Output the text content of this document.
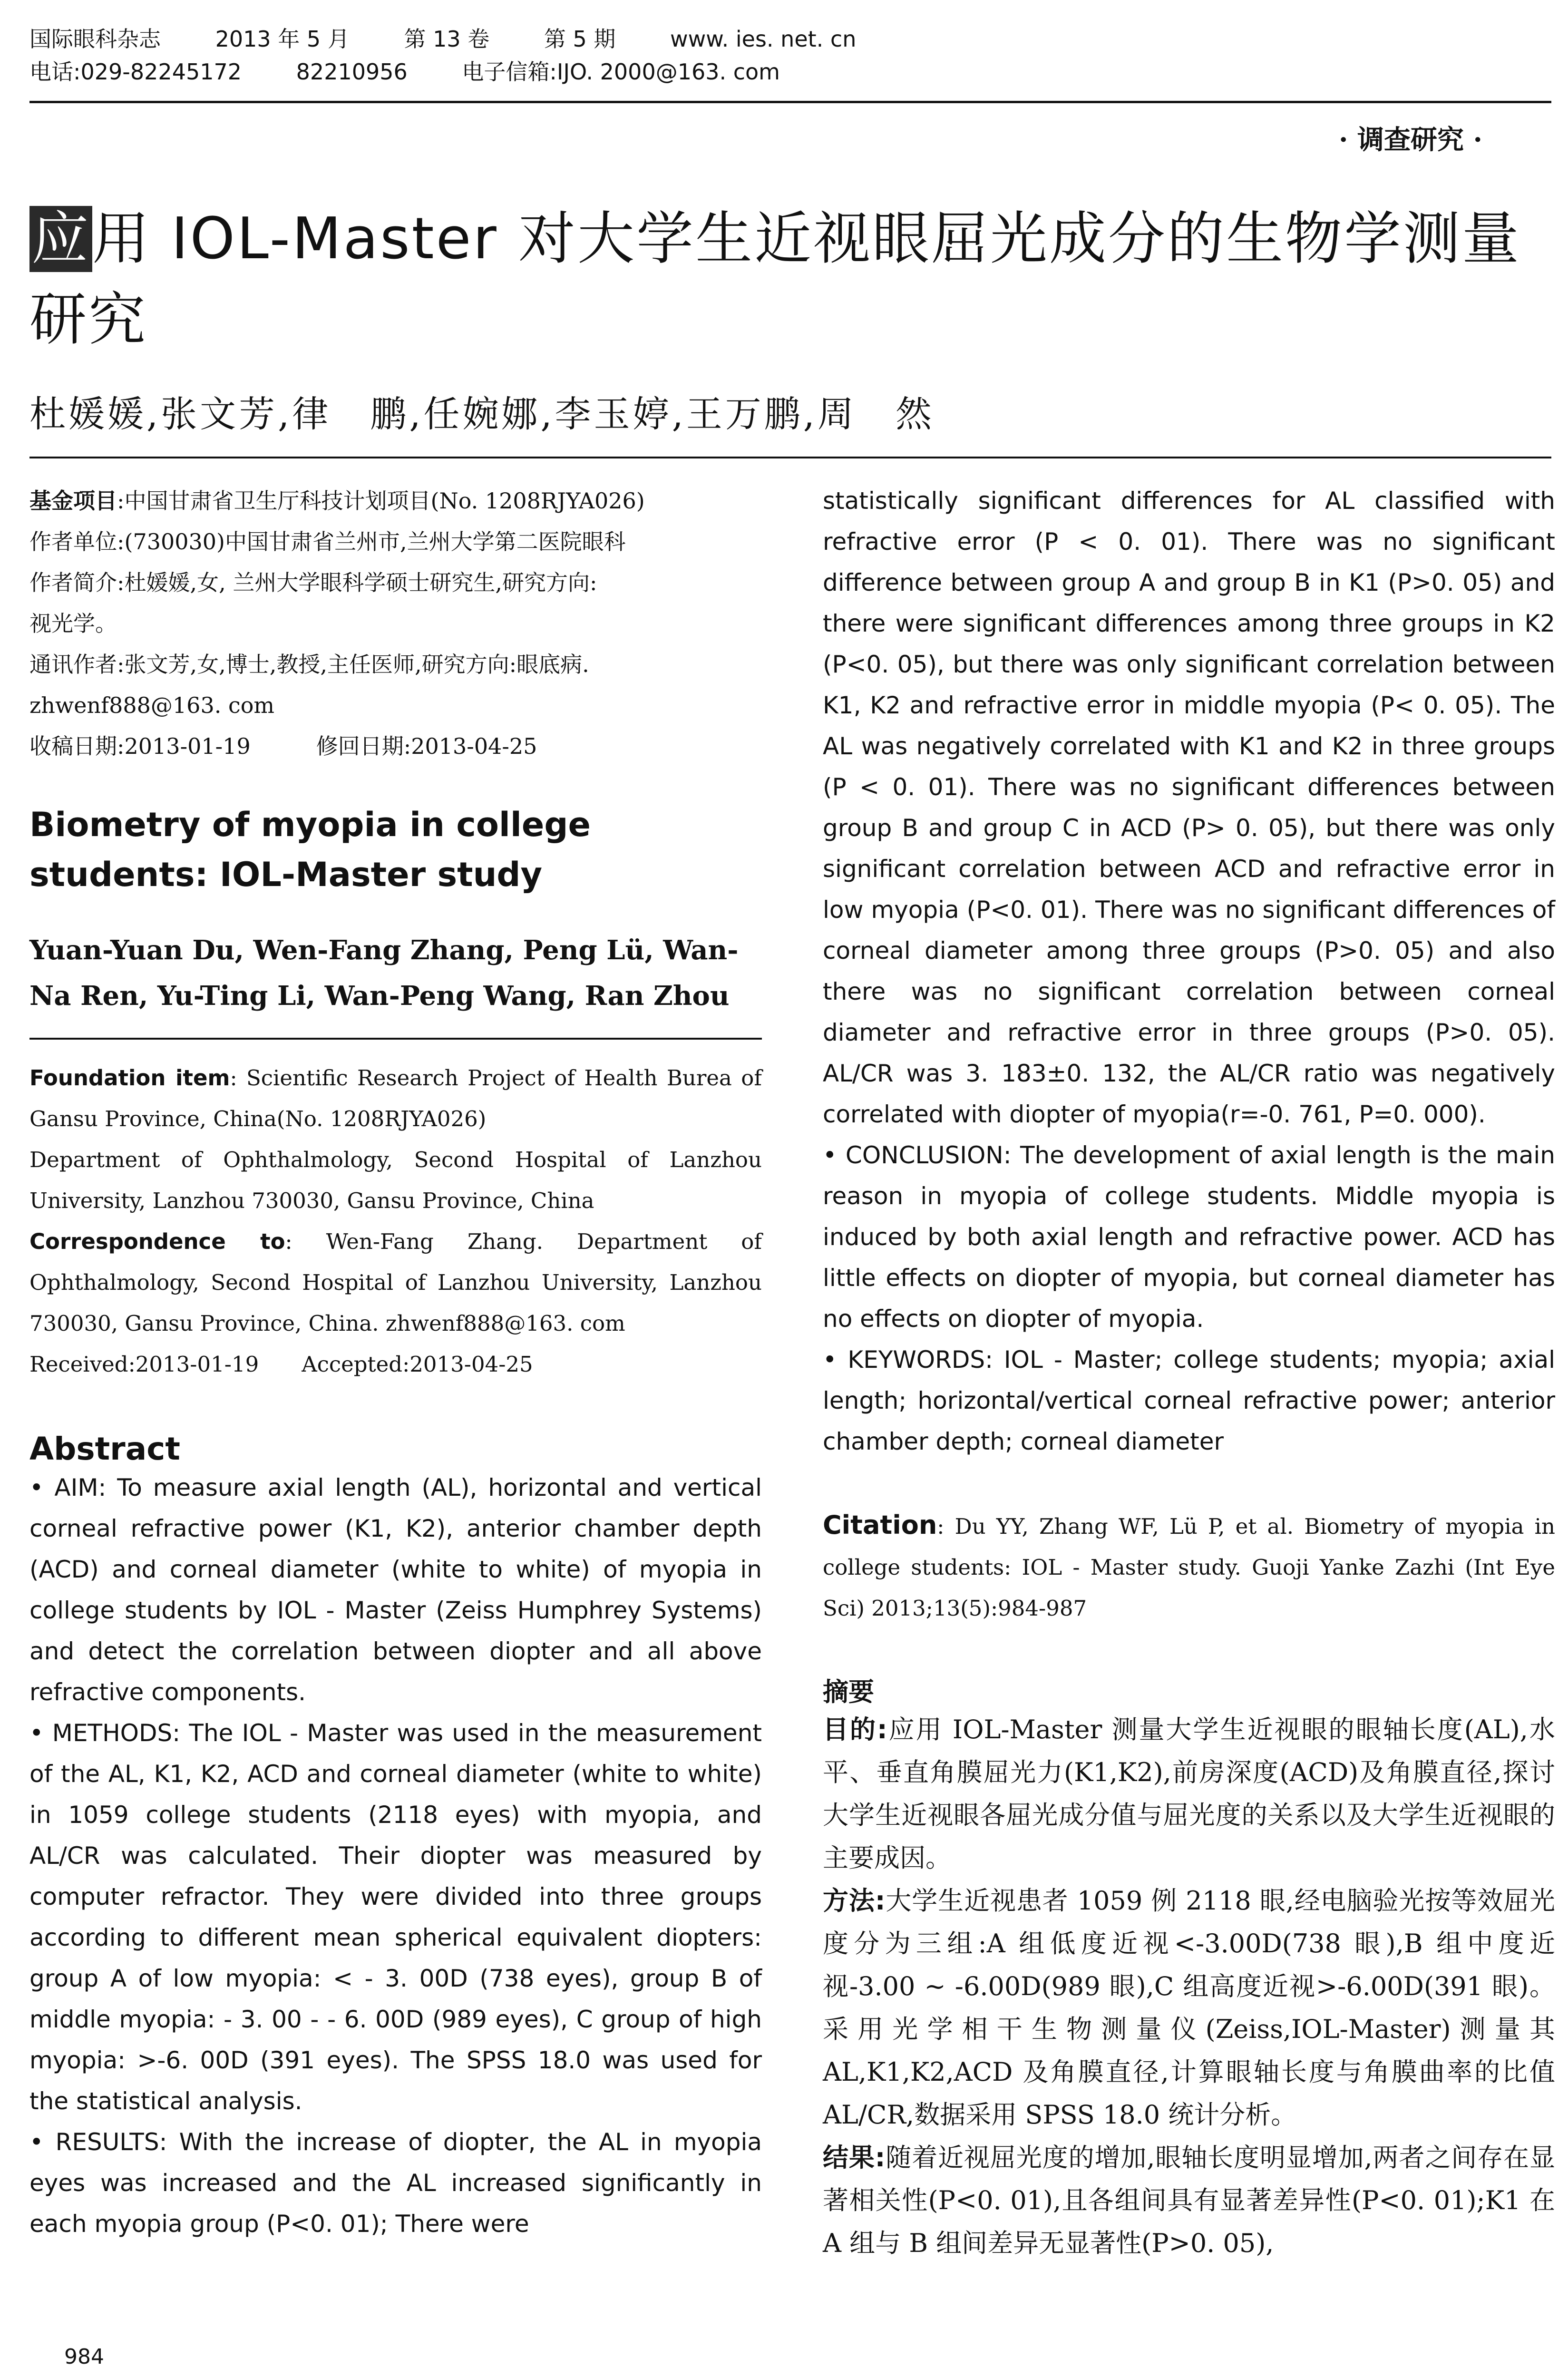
国际眼科杂志 2013 年 5 月 第 13 卷 第 5 期 www. ies. net. cn
电话:029-82245172 82210956 电子信箱:IJO. 2000@163. com
· 调查研究 ·
应用 IOL-Master 对大学生近视眼屈光成分的生物学测量研究
杜媛媛,张文芳,律　鹏,任婉娜,李玉婷,王万鹏,周　然
基金项目:中国甘肃省卫生厅科技计划项目(No. 1208RJYA026)
作者单位:(730030)中国甘肃省兰州市,兰州大学第二医院眼科
作者简介:杜媛媛,女, 兰州大学眼科学硕士研究生,研究方向:
视光学。
通讯作者:张文芳,女,博士,教授,主任医师,研究方向:眼底病.
zhwenf888@163. com
收稿日期:2013-01-19　　　修回日期:2013-04-25
Biometry of myopia in college students: IOL-Master study
Yuan-Yuan Du, Wen-Fang Zhang, Peng Lü, Wan-Na Ren, Yu-Ting Li, Wan-Peng Wang, Ran Zhou
Foundation item: Scientific Research Project of Health Burea of Gansu Province, China(No. 1208RJYA026)
Department of Ophthalmology, Second Hospital of Lanzhou University, Lanzhou 730030, Gansu Province, China
Correspondence to: Wen-Fang Zhang. Department of Ophthalmology, Second Hospital of Lanzhou University, Lanzhou 730030, Gansu Province, China. zhwenf888@163. com
Received:2013-01-19　　Accepted:2013-04-25
Abstract

• AIM: To measure axial length (AL), horizontal and vertical corneal refractive power (K1, K2), anterior chamber depth (ACD) and corneal diameter (white to white) of myopia in college students by IOL - Master (Zeiss Humphrey Systems) and detect the correlation between diopter and all above refractive components.

• METHODS: The IOL - Master was used in the measurement of the AL, K1, K2, ACD and corneal diameter (white to white) in 1059 college students (2118 eyes) with myopia, and AL/CR was calculated. Their diopter was measured by computer refractor. They were divided into three groups according to different mean spherical equivalent diopters: group A of low myopia: < - 3. 00D (738 eyes), group B of middle myopia: - 3. 00 - - 6. 00D (989 eyes), C group of high myopia: >-6. 00D (391 eyes). The SPSS 18.0 was used for the statistical analysis.

• RESULTS: With the increase of diopter, the AL in myopia eyes was increased and the AL increased significantly in each myopia group (P<0. 01); There were

statistically significant differences for AL classified with refractive error (P < 0. 01). There was no significant difference between group A and group B in K1 (P>0. 05) and there were significant differences among three groups in K2 (P<0. 05), but there was only significant correlation between K1, K2 and refractive error in middle myopia (P< 0. 05). The AL was negatively correlated with K1 and K2 in three groups (P < 0. 01). There was no significant differences between group B and group C in ACD (P> 0. 05), but there was only significant correlation between ACD and refractive error in low myopia (P<0. 01). There was no significant differences of corneal diameter among three groups (P>0. 05) and also there was no significant correlation between corneal diameter and refractive error in three groups (P>0. 05). AL/CR was 3. 183±0. 132, the AL/CR ratio was negatively correlated with diopter of myopia(r=-0. 761, P=0. 000).

• CONCLUSION: The development of axial length is the main reason in myopia of college students. Middle myopia is induced by both axial length and refractive power. ACD has little effects on diopter of myopia, but corneal diameter has no effects on diopter of myopia.

• KEYWORDS: IOL - Master; college students; myopia; axial length; horizontal/vertical corneal refractive power; anterior chamber depth; corneal diameter

Citation: Du YY, Zhang WF, Lü P, et al. Biometry of myopia in college students: IOL - Master study. Guoji Yanke Zazhi (Int Eye Sci) 2013;13(5):984-987
摘要

目的:应用 IOL-Master 测量大学生近视眼的眼轴长度(AL),水平、垂直角膜屈光力(K1,K2),前房深度(ACD)及角膜直径,探讨大学生近视眼各屈光成分值与屈光度的关系以及大学生近视眼的主要成因。

方法:大学生近视患者 1059 例 2118 眼,经电脑验光按等效屈光度分为三组:A 组低度近视<-3.00D(738 眼),B 组中度近视-3.00 ~ -6.00D(989 眼),C 组高度近视>-6.00D(391 眼)。采用光学相干生物测量仪(Zeiss,IOL-Master)测量其 AL,K1,K2,ACD 及角膜直径,计算眼轴长度与角膜曲率的比值 AL/CR,数据采用 SPSS 18.0 统计分析。

结果:随着近视屈光度的增加,眼轴长度明显增加,两者之间存在显著相关性(P<0. 01),且各组间具有显著差异性(P<0. 01);K1 在 A 组与 B 组间差异无显著性(P>0. 05),

984
